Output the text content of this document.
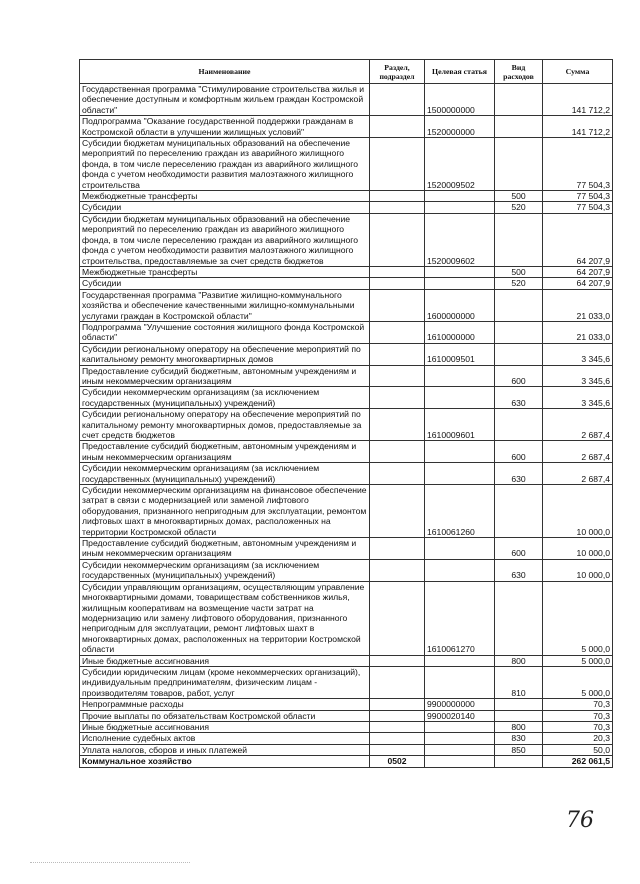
Наименование	Раздел, подраздел	Целевая статья	Вид расходов	Сумма
Государственная программа "Стимулирование строительства жилья и обеспечение доступным и комфортным жильем граждан Костромской области"		1500000000		141 712,2
Подпрограмма "Оказание государственной поддержки гражданам в Костромской области в улучшении жилищных условий"		1520000000		141 712,2
Субсидии бюджетам муниципальных образований на обеспечение мероприятий по переселению граждан из аварийного жилищного фонда, в том числе переселению граждан из аварийного жилищного фонда с учетом необходимости развития малоэтажного жилищного строительства		1520009502		77 504,3
Межбюджетные трансферты			500	77 504,3
Субсидии			520	77 504,3
Субсидии бюджетам муниципальных образований на обеспечение мероприятий по переселению граждан из аварийного жилищного фонда, в том числе переселению граждан из аварийного жилищного фонда с учетом необходимости развития малоэтажного жилищного строительства, предоставляемые за счет средств бюджетов		1520009602		64 207,9
Межбюджетные трансферты			500	64 207,9
Субсидии			520	64 207,9
Государственная программа "Развитие жилищно-коммунального хозяйства и обеспечение качественными жилищно-коммунальными услугами граждан в Костромской области"		1600000000		21 033,0
Подпрограмма "Улучшение состояния жилищного фонда Костромской области"		1610000000		21 033,0
Субсидии региональному оператору на обеспечение мероприятий по капитальному ремонту многоквартирных домов		1610009501		3 345,6
Предоставление субсидий бюджетным, автономным учреждениям и иным некоммерческим организациям			600	3 345,6
Субсидии некоммерческим организациям (за исключением государственных (муниципальных) учреждений)			630	3 345,6
Субсидии региональному оператору на обеспечение мероприятий по капитальному ремонту многоквартирных домов, предоставляемые за счет средств бюджетов		1610009601		2 687,4
Предоставление субсидий бюджетным, автономным учреждениям и иным некоммерческим организациям			600	2 687,4
Субсидии некоммерческим организациям (за исключением государственных (муниципальных) учреждений)			630	2 687,4
Субсидии некоммерческим организациям на финансовое обеспечение затрат в связи с модернизацией или заменой лифтового оборудования, признанного непригодным для эксплуатации, ремонтом лифтовых шахт в многоквартирных домах, расположенных на территории Костромской области		1610061260		10 000,0
Предоставление субсидий бюджетным, автономным учреждениям и иным некоммерческим организациям			600	10 000,0
Субсидии некоммерческим организациям (за исключением государственных (муниципальных) учреждений)			630	10 000,0
Субсидии управляющим организациям, осуществляющим управление многоквартирными домами, товариществам собственников жилья, жилищным кооперативам на возмещение части затрат на модернизацию или замену лифтового оборудования, признанного непригодным для эксплуатации, ремонт лифтовых шахт в многоквартирных домах, расположенных на территории Костромской области		1610061270		5 000,0
Иные бюджетные ассигнования			800	5 000,0
Субсидии юридическим лицам (кроме некоммерческих организаций), индивидуальным предпринимателям, физическим лицам - производителям товаров, работ, услуг			810	5 000,0
Непрограммные расходы		9900000000		70,3
Прочие выплаты по обязательствам Костромской области		9900020140		70,3
Иные бюджетные ассигнования			800	70,3
Исполнение судебных актов			830	20,3
Уплата налогов, сборов и иных платежей			850	50,0
Коммунальное хозяйство	0502			262 061,5
76
